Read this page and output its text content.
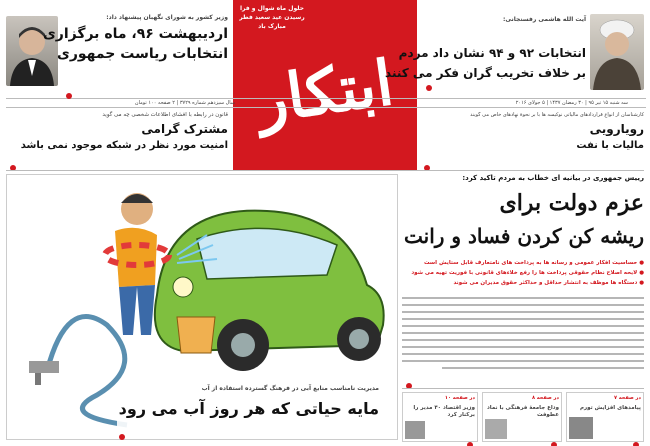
حلول ماه شوال و فرا رسیدن عید سعید فطر مبارک باد
ابتکار
سال سیزدهم شماره ۳۷۲۹ | ۲ صفحه ۱۰۰ تومان	سه شنبه ۱۵ تیر ۹۵ | ۳۰ رمضان ۱۴۳۷ | ۵ جولای ۲۰۱۶
وزیر کشور به شورای نگهبان پیشنهاد داد:
اردیبهشت ۹۶، ماه برگزاری
انتخابات ریاست جمهوری
آیت الله هاشمی رفسنجانی:
انتخابات ۹۲ و ۹۴ نشان داد مردم
بر خلاف تخریب گران فکر می کنند
قانون در رابطه با افشای اطلاعات شخصی چه می گوید
مشترک گرامی
امنیت مورد نظر در شبکه موجود نمی باشد
کارشناسان از انواع قراردادهای مالیاتی نوکیسه ها با بر نحوهٔ نهادهای خاص می گویند
رویارویی
مالیات با نفت
مدیریت نامناسب منابع آبی در فرهنگ گسترده استفاده از آب
مایه حیاتی که هر روز آب می رود
رییس جمهوری در بیانیه ای خطاب به مردم تاکید کرد:
عزم دولت برای
ریشه کن کردن فساد و رانت
● حساسیت افکار عمومی و رسانه ها به پرداخت های نامتعارف قابل ستایش است
● لایحه اصلاح نظام حقوقی پرداخت ها را رفع خلاءهای قانونی با فوریت تهیه می شود
● دستگاه ها موظف به انتشار حداقل و حداکثر حقوق مدیران می شوند
در صفحه ۱۰
وزیر اقتصاد ۴۰ مدیر را برکنار کرد
در صفحه ۸
وداع جامعهٔ فرهنگی با نماد عطوفت
در صفحه ۷
پیامدهای افزایش تورم
